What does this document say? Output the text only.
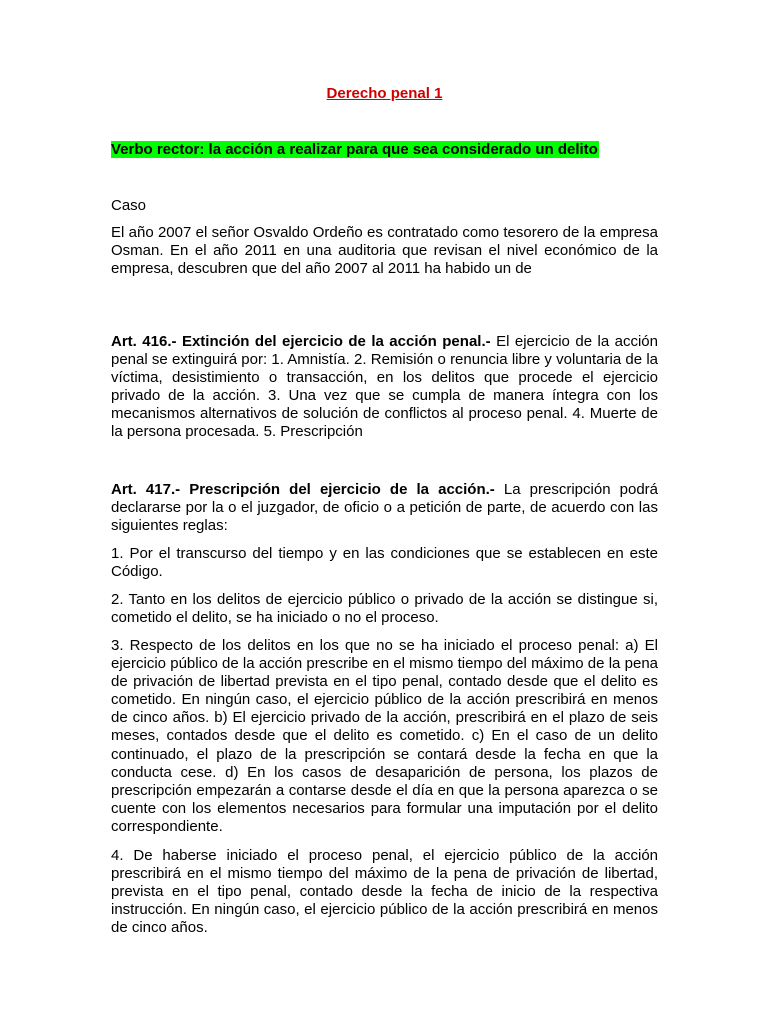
Derecho penal 1
Verbo rector: la acción a realizar para que sea considerado un delito

Caso

El año 2007 el señor Osvaldo Ordeño es contratado como tesorero de la empresa Osman. En el año 2011 en una auditoria que revisan el nivel económico de la empresa, descubren que del año 2007 al 2011 ha habido un de

Art. 416.- Extinción del ejercicio de la acción penal.- El ejercicio de la acción penal se extinguirá por: 1. Amnistía. 2. Remisión o renuncia libre y voluntaria de la víctima, desistimiento o transacción, en los delitos que procede el ejercicio privado de la acción. 3. Una vez que se cumpla de manera íntegra con los mecanismos alternativos de solución de conflictos al proceso penal. 4. Muerte de la persona procesada. 5. Prescripción

Art. 417.- Prescripción del ejercicio de la acción.- La prescripción podrá declararse por la o el juzgador, de oficio o a petición de parte, de acuerdo con las siguientes reglas:

1. Por el transcurso del tiempo y en las condiciones que se establecen en este Código.

2. Tanto en los delitos de ejercicio público o privado de la acción se distingue si, cometido el delito, se ha iniciado o no el proceso.

3. Respecto de los delitos en los que no se ha iniciado el proceso penal: a) El ejercicio público de la acción prescribe en el mismo tiempo del máximo de la pena de privación de libertad prevista en el tipo penal, contado desde que el delito es cometido. En ningún caso, el ejercicio público de la acción prescribirá en menos de cinco años. b) El ejercicio privado de la acción, prescribirá en el plazo de seis meses, contados desde que el delito es cometido. c) En el caso de un delito continuado, el plazo de la prescripción se contará desde la fecha en que la conducta cese. d) En los casos de desaparición de persona, los plazos de prescripción empezarán a contarse desde el día en que la persona aparezca o se cuente con los elementos necesarios para formular una imputación por el delito correspondiente.

4. De haberse iniciado el proceso penal, el ejercicio público de la acción prescribirá en el mismo tiempo del máximo de la pena de privación de libertad, prevista en el tipo penal, contado desde la fecha de inicio de la respectiva instrucción. En ningún caso, el ejercicio público de la acción prescribirá en menos de cinco años.
